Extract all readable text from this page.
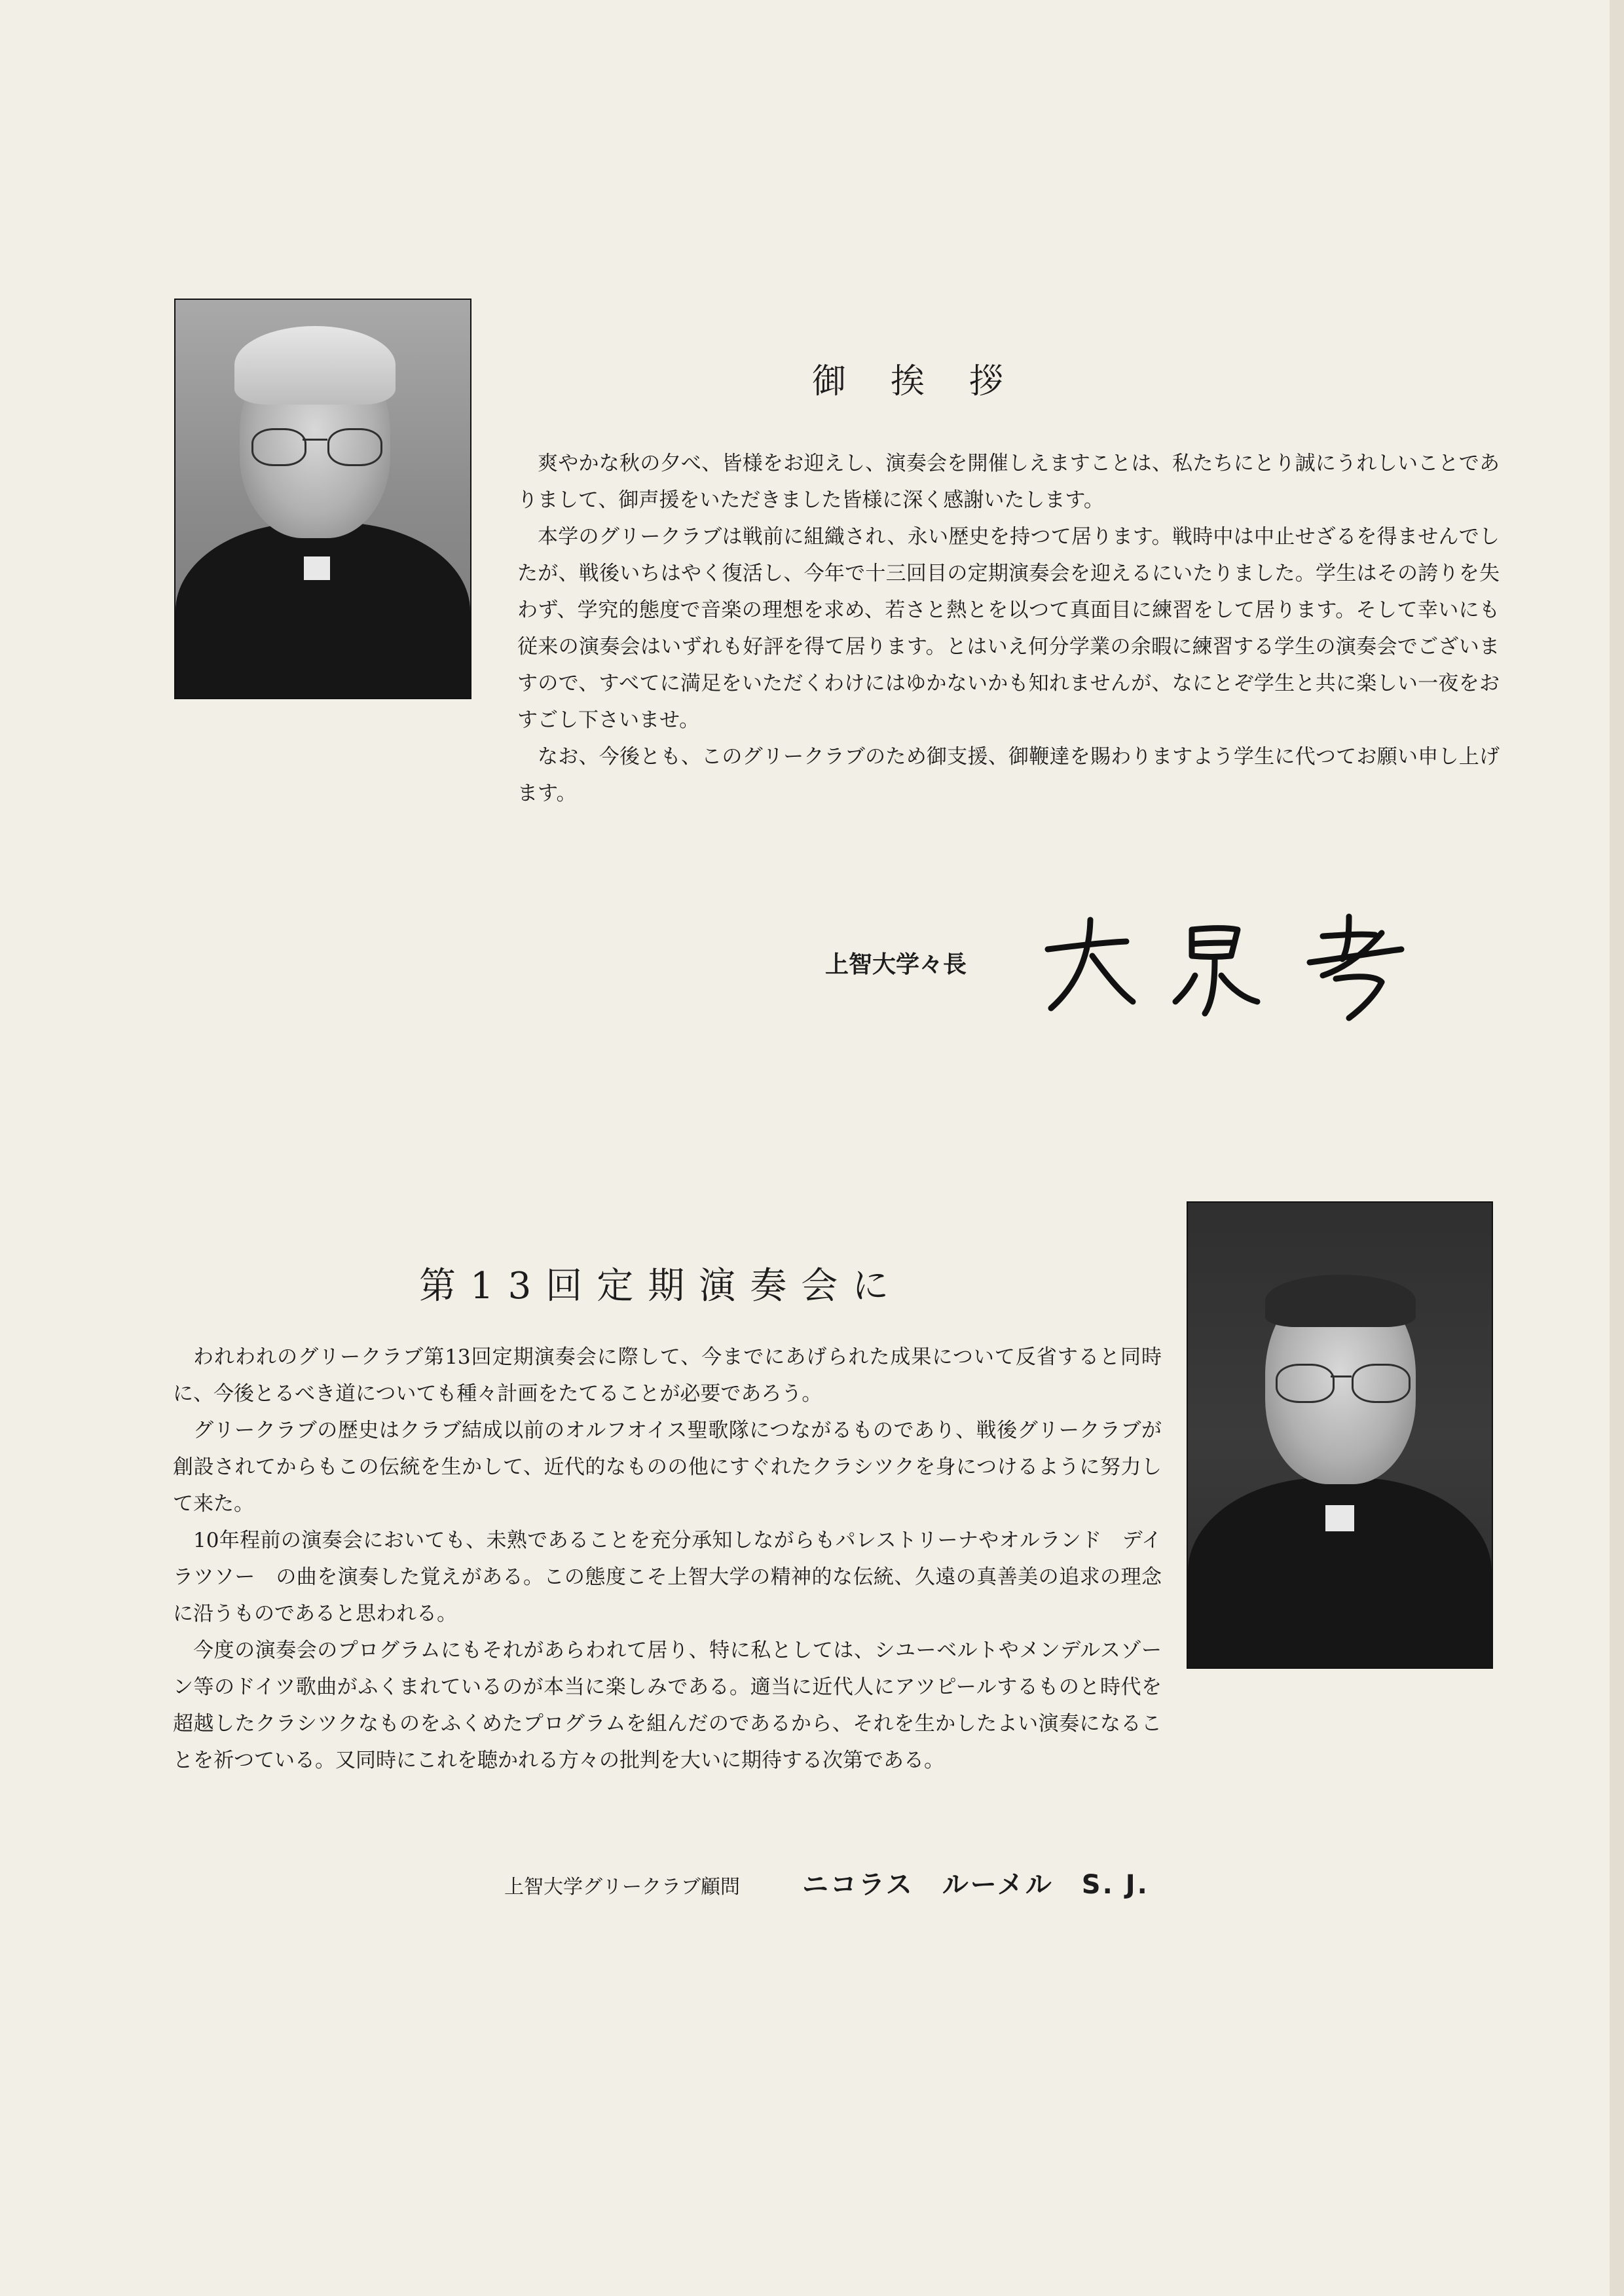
御 挨 拶

爽やかな秋の夕べ、皆様をお迎えし、演奏会を開催しえますことは、私たちにとり誠にうれしいことでありまして、御声援をいただきました皆様に深く感謝いたします。

本学のグリークラブは戦前に組織され、永い歴史を持つて居ります。戦時中は中止せざるを得ませんでしたが、戦後いちはやく復活し、今年で十三回目の定期演奏会を迎えるにいたりました。学生はその誇りを失わず、学究的態度で音楽の理想を求め、若さと熱とを以つて真面目に練習をして居ります。そして幸いにも従来の演奏会はいずれも好評を得て居ります。とはいえ何分学業の余暇に練習する学生の演奏会でございますので、すべてに満足をいただくわけにはゆかないかも知れませんが、なにとぞ学生と共に楽しい一夜をおすごし下さいませ。

なお、今後とも、このグリークラブのため御支援、御鞭達を賜わりますよう学生に代つてお願い申し上げます。

上智大学々長
第13回定期演奏会に

われわれのグリークラブ第13回定期演奏会に際して、今までにあげられた成果について反省すると同時に、今後とるべき道についても種々計画をたてることが必要であろう。

グリークラブの歴史はクラブ結成以前のオルフオイス聖歌隊につながるものであり、戦後グリークラブが創設されてからもこの伝統を生かして、近代的なものの他にすぐれたクラシツクを身につけるように努力して来た。

10年程前の演奏会においても、未熟であることを充分承知しながらもパレストリーナやオルランド　デイ　ラツソー　の曲を演奏した覚えがある。この態度こそ上智大学の精神的な伝統、久遠の真善美の追求の理念に沿うものであると思われる。

今度の演奏会のプログラムにもそれがあらわれて居り、特に私としては、シユーベルトやメンデルスゾーン等のドイツ歌曲がふくまれているのが本当に楽しみである。適当に近代人にアツピールするものと時代を超越したクラシツクなものをふくめたプログラムを組んだのであるから、それを生かしたよい演奏になることを祈つている。又同時にこれを聴かれる方々の批判を大いに期待する次第である。

上智大学グリークラブ顧問 ニコラス　ルーメル　S. J.
